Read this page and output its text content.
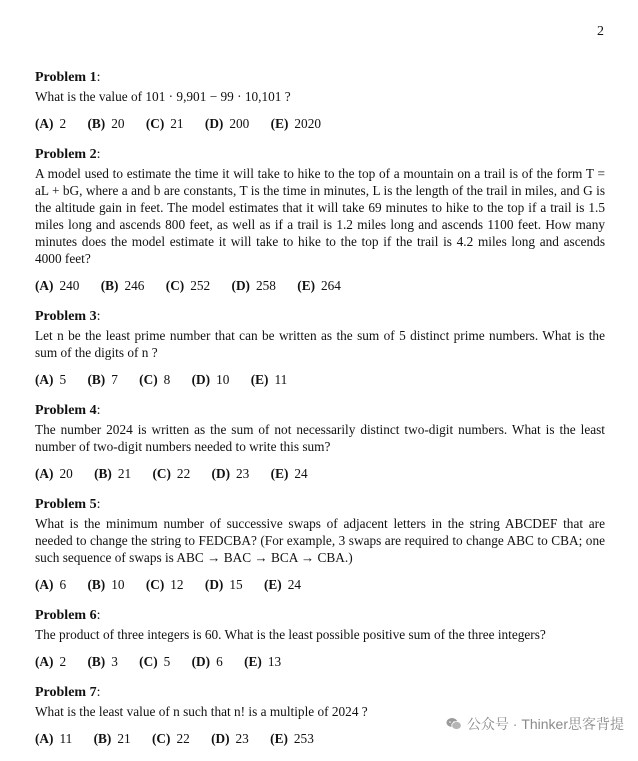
2
Problem 1:

What is the value of 101 · 9,901 − 99 · 10,101 ?

(A) 2 (B) 20 (C) 21 (D) 200 (E) 2020
Problem 2:

A model used to estimate the time it will take to hike to the top of a mountain on a trail is of the form T = aL + bG, where a and b are constants, T is the time in minutes, L is the length of the trail in miles, and G is the altitude gain in feet. The model estimates that it will take 69 minutes to hike to the top if a trail is 1.5 miles long and ascends 800 feet, as well as if a trail is 1.2 miles long and ascends 1100 feet. How many minutes does the model estimate it will take to hike to the top if the trail is 4.2 miles long and ascends 4000 feet?

(A) 240 (B) 246 (C) 252 (D) 258 (E) 264
Problem 3:

Let n be the least prime number that can be written as the sum of 5 distinct prime numbers. What is the sum of the digits of n ?

(A) 5 (B) 7 (C) 8 (D) 10 (E) 11
Problem 4:

The number 2024 is written as the sum of not necessarily distinct two-digit numbers. What is the least number of two-digit numbers needed to write this sum?

(A) 20 (B) 21 (C) 22 (D) 23 (E) 24
Problem 5:

What is the minimum number of successive swaps of adjacent letters in the string ABCDEF that are needed to change the string to FEDCBA? (For example, 3 swaps are required to change ABC to CBA; one such sequence of swaps is ABC → BAC → BCA → CBA.)

(A) 6 (B) 10 (C) 12 (D) 15 (E) 24
Problem 6:

The product of three integers is 60. What is the least possible positive sum of the three integers?

(A) 2 (B) 3 (C) 5 (D) 6 (E) 13
Problem 7:

What is the least value of n such that n! is a multiple of 2024 ?

(A) 11 (B) 21 (C) 22 (D) 23 (E) 253
公众号 · Thinker思客背提
